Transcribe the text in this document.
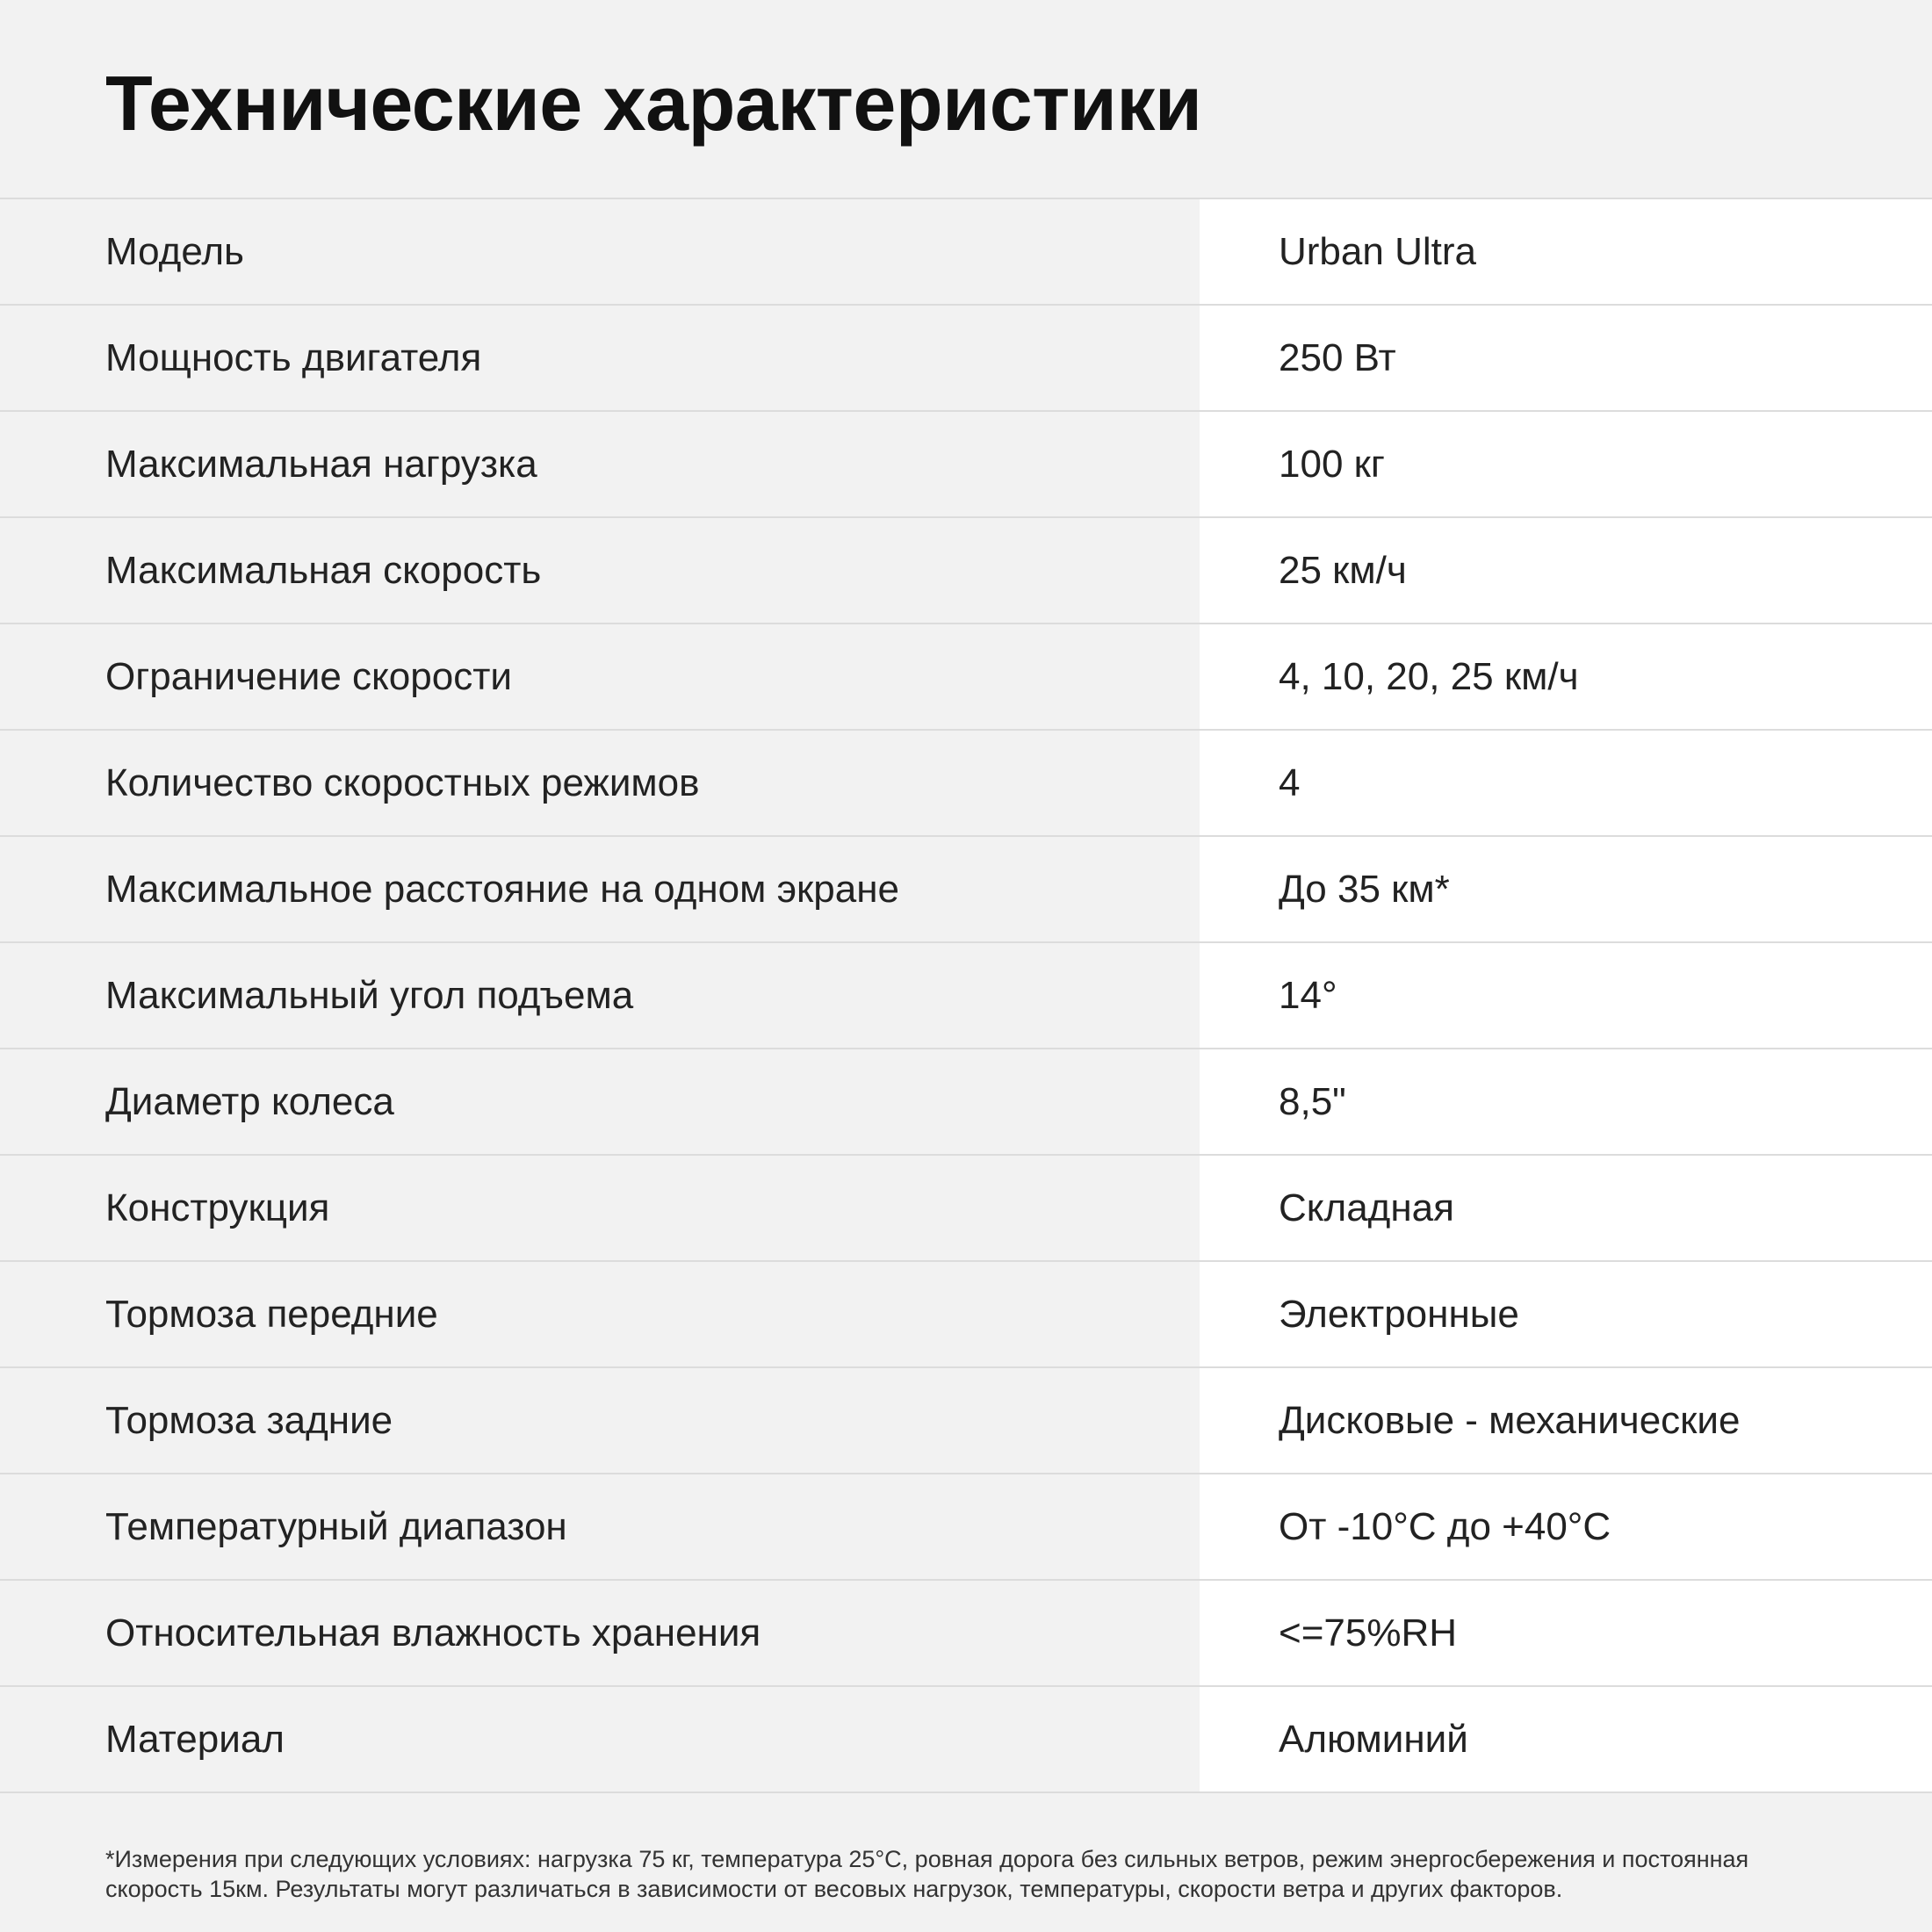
Технические характеристики
Модель	Urban Ultra
Мощность двигателя	250 Вт
Максимальная нагрузка	100 кг
Максимальная скорость	25 км/ч
Ограничение скорости	4, 10, 20, 25 км/ч
Количество скоростных режимов	4
Максимальное расстояние на одном экране	До 35 км*
Максимальный угол подъема	14°
Диаметр колеса	8,5"
Конструкция	Складная
Тормоза передние	Электронные
Тормоза задние	Дисковые - механические
Температурный диапазон	От -10°С до +40°С
Относительная влажность хранения	<=75%RH
Материал	Алюминий

*Измерения при следующих условиях: нагрузка 75 кг, температура 25°С, ровная дорога без сильных ветров, режим энергосбережения и постоянная скорость 15км. Результаты могут различаться в зависимости от весовых нагрузок, температуры, скорости ветра и других факторов.
